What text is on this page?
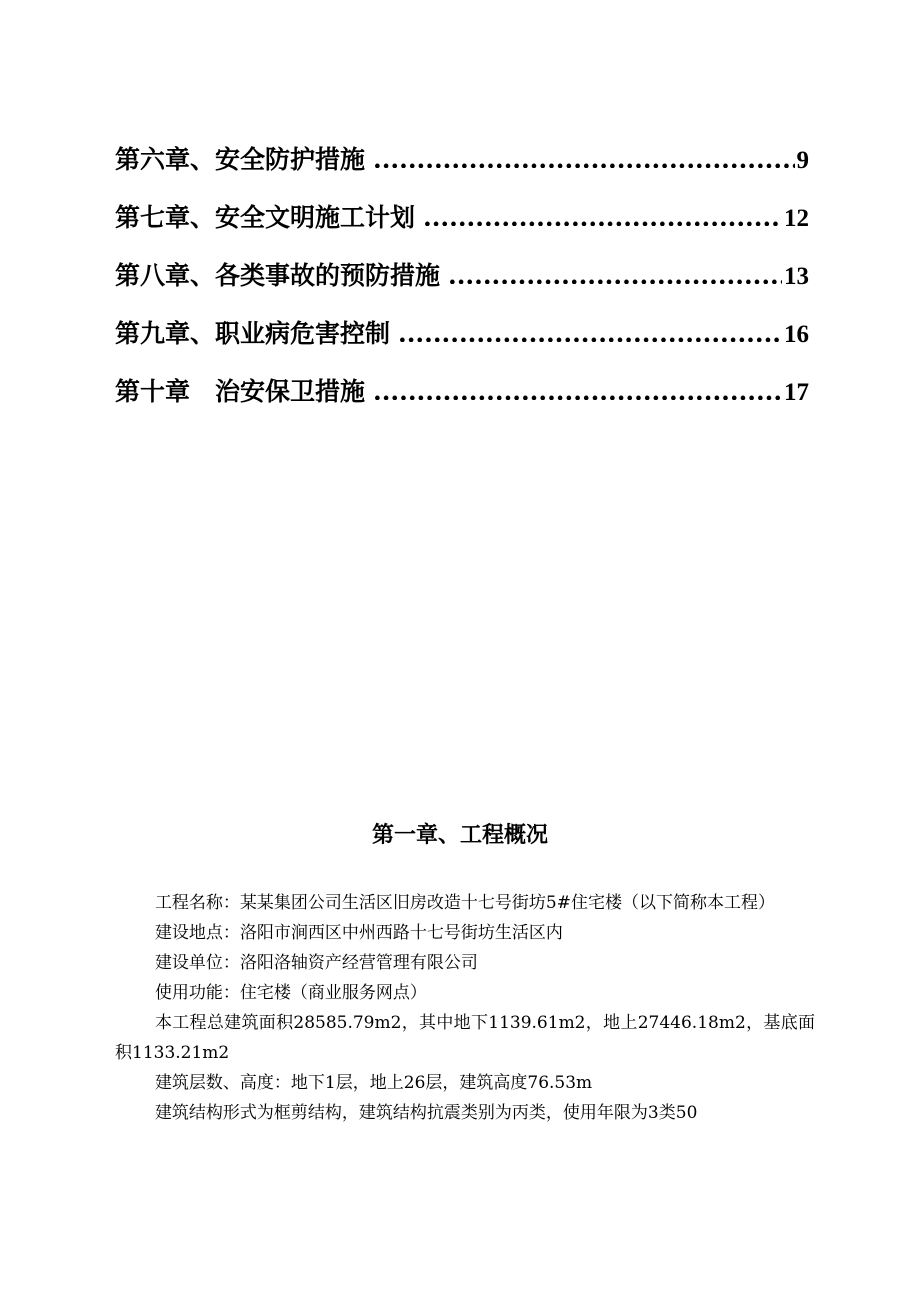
第六章、安全防护措施 .....	9
第七章、安全文明施工计划 .....	12
第八章、各类事故的预防措施 .....	13
第九章、职业病危害控制 .....	16
第十章　治安保卫措施 .....	17
第一章、工程概况

工程名称：某某集团公司生活区旧房改造十七号街坊5#住宅楼（以下简称本工程）

建设地点：洛阳市涧西区中州西路十七号街坊生活区内

建设单位：洛阳洛轴资产经营管理有限公司

使用功能：住宅楼（商业服务网点）

本工程总建筑面积28585.79m2，其中地下1139.61m2，地上27446.18m2，基底面积1133.21m2

建筑层数、高度：地下1层，地上26层，建筑高度76.53m

建筑结构形式为框剪结构，建筑结构抗震类别为丙类，使用年限为3类50
